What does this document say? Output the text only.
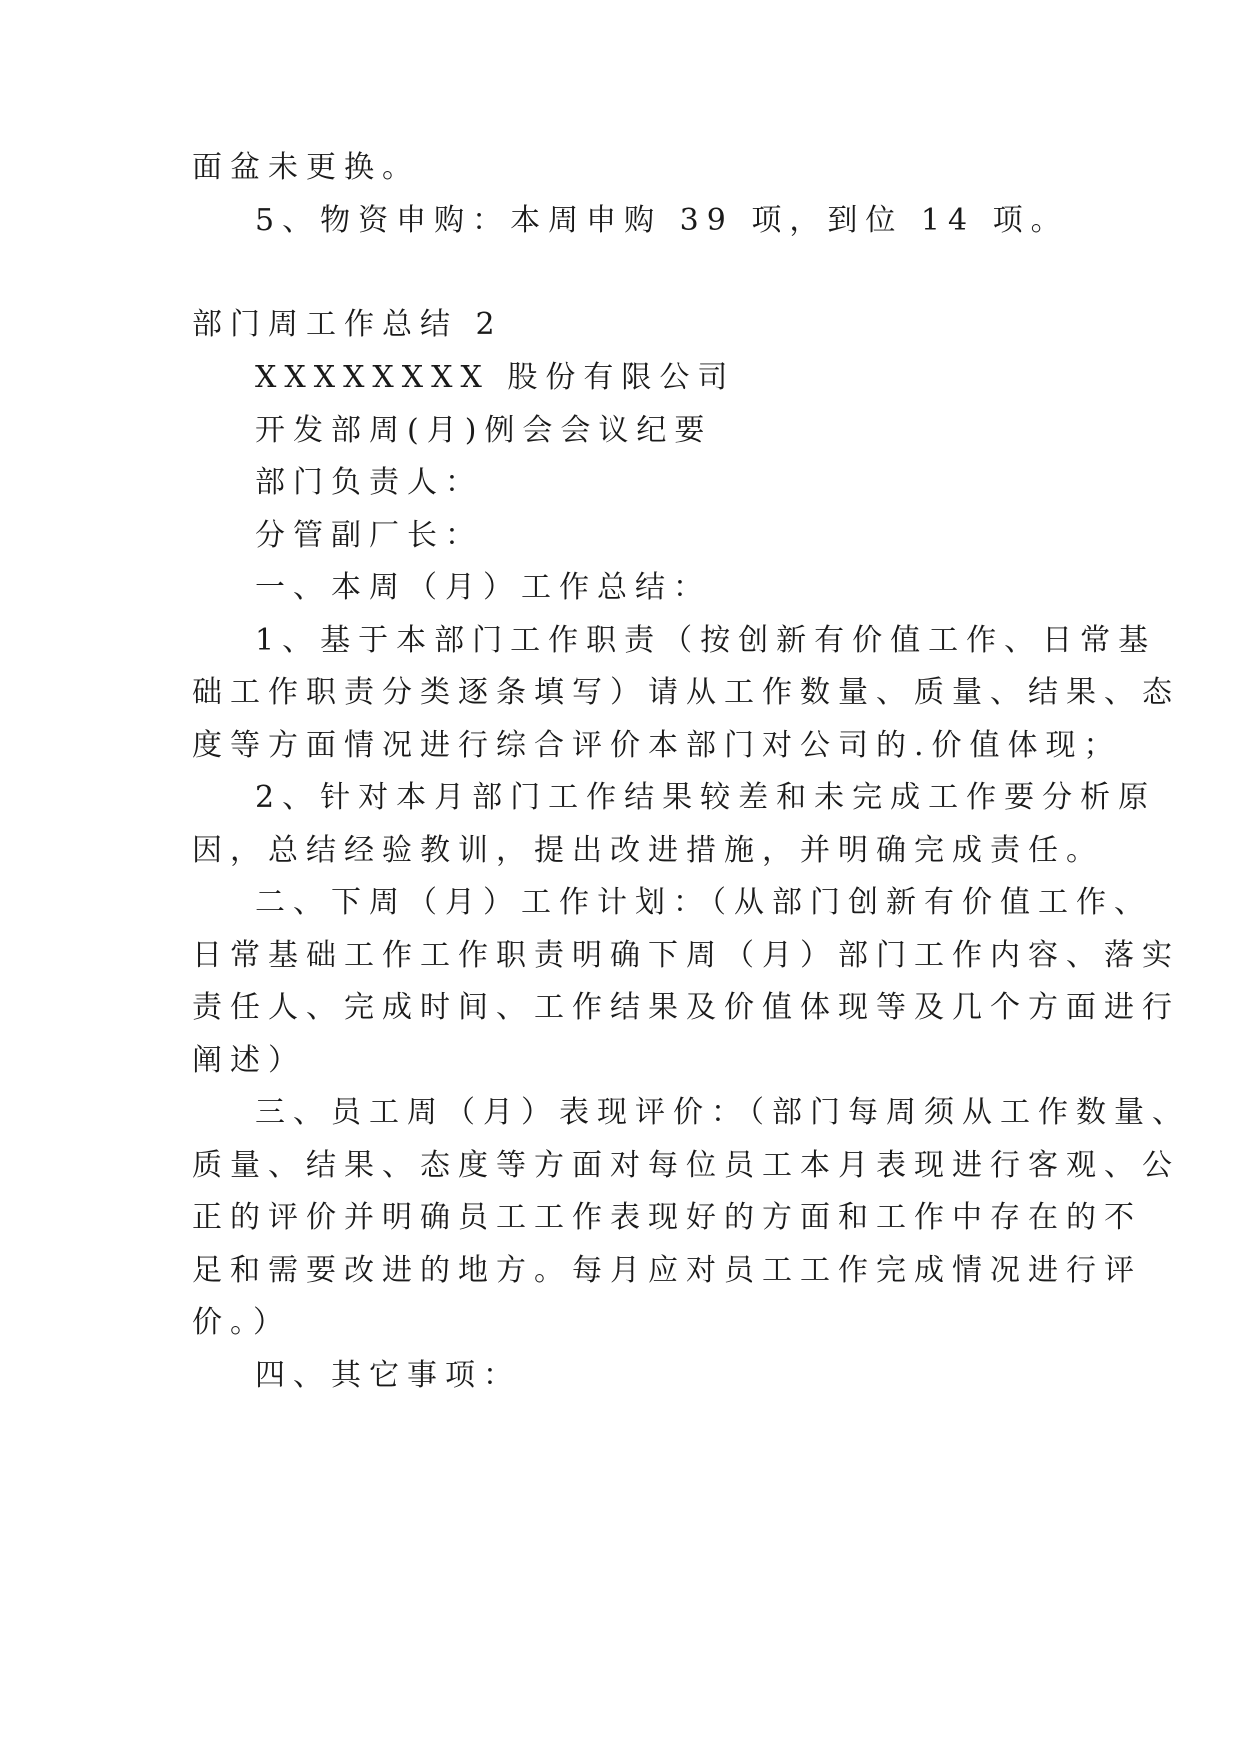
面盆未更换。
5、物资申购：本周申购 39 项，到位 14 项。
部门周工作总结 2
XXXXXXXX 股份有限公司
开发部周(月)例会会议纪要
部门负责人：
分管副厂长：
一、本周（月）工作总结：
1、基于本部门工作职责（按创新有价值工作、日常基
础工作职责分类逐条填写）请从工作数量、质量、结果、态
度等方面情况进行综合评价本部门对公司的.价值体现；
2、针对本月部门工作结果较差和未完成工作要分析原
因，总结经验教训，提出改进措施，并明确完成责任。
二、下周（月）工作计划：（从部门创新有价值工作、
日常基础工作工作职责明确下周（月）部门工作内容、落实
责任人、完成时间、工作结果及价值体现等及几个方面进行
阐述）
三、员工周（月）表现评价：（部门每周须从工作数量、
质量、结果、态度等方面对每位员工本月表现进行客观、公
正的评价并明确员工工作表现好的方面和工作中存在的不
足和需要改进的地方。每月应对员工工作完成情况进行评
价。）
四、其它事项：
